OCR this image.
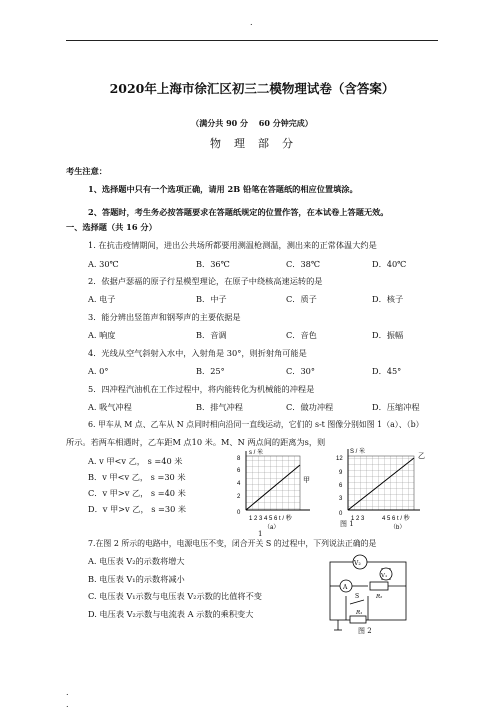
.
2020年上海市徐汇区初三二模物理试卷（含答案）
（满分共 90 分　 60 分钟完成）
物　理　部　分
考生注意：
1、选择题中只有一个选项正确，请用 2B 铅笔在答题纸的相应位置填涂。
2、答题时，考生务必按答题要求在答题纸规定的位置作答，在本试卷上答题无效。
一、选择题（共 16 分）
1. 在抗击疫情期间，进出公共场所都要用测温枪测温，测出来的正常体温大约是
A. 30℃	B．36℃	C．38℃	D．40℃
2．依据卢瑟福的原子行星模型理论，在原子中绕核高速运转的是
A. 电子	B．中子	C．质子	D．核子
3．能分辨出竖笛声和钢琴声的主要依据是
A. 响度	B．音调	C．音色	D．振幅
4．光线从空气斜射入水中，入射角是 30°，则折射角可能是
A. 0°	B．25°	C．30°	D．45°
5．四冲程汽油机在工作过程中，将内能转化为机械能的冲程是
A. 吸气冲程	B．排气冲程	C．做功冲程	D．压缩冲程
6. 甲车从 M 点、乙车从 N 点同时相向沿同一直线运动，它们的 s-t 图像分别如图 1（a）、（b）
所示。若两车相遇时，乙车距M 点10 米。M、N 两点间的距离为s，则
A. v 甲<v 乙， s =40 米
B．v 甲<v 乙， s =30 米
C．v 甲>v 乙， s =40 米
D．v 甲>v 乙， s =30 米
s / 米
8
6
4
2
0
1 2 3 4 5 6 t / 秒
甲
（a）
1
S / 米
12
9
6
3
0
1 2 3	4 5 6 t / 秒
乙
（b）
图 1
7.在图 2 所示的电路中，电源电压不变，闭合开关 S 的过程中，下列说法正确的是
A. 电压表 V₂的示数将增大
B. 电压表 V₁的示数将减小
C. 电压表 V₁示数与电压表 V₂示数的比值将不变
D. 电压表 V₂示数与电流表 A 示数的乘积变大
V₂
V₁
A
R₂
S
R₁
图 2
.
.
